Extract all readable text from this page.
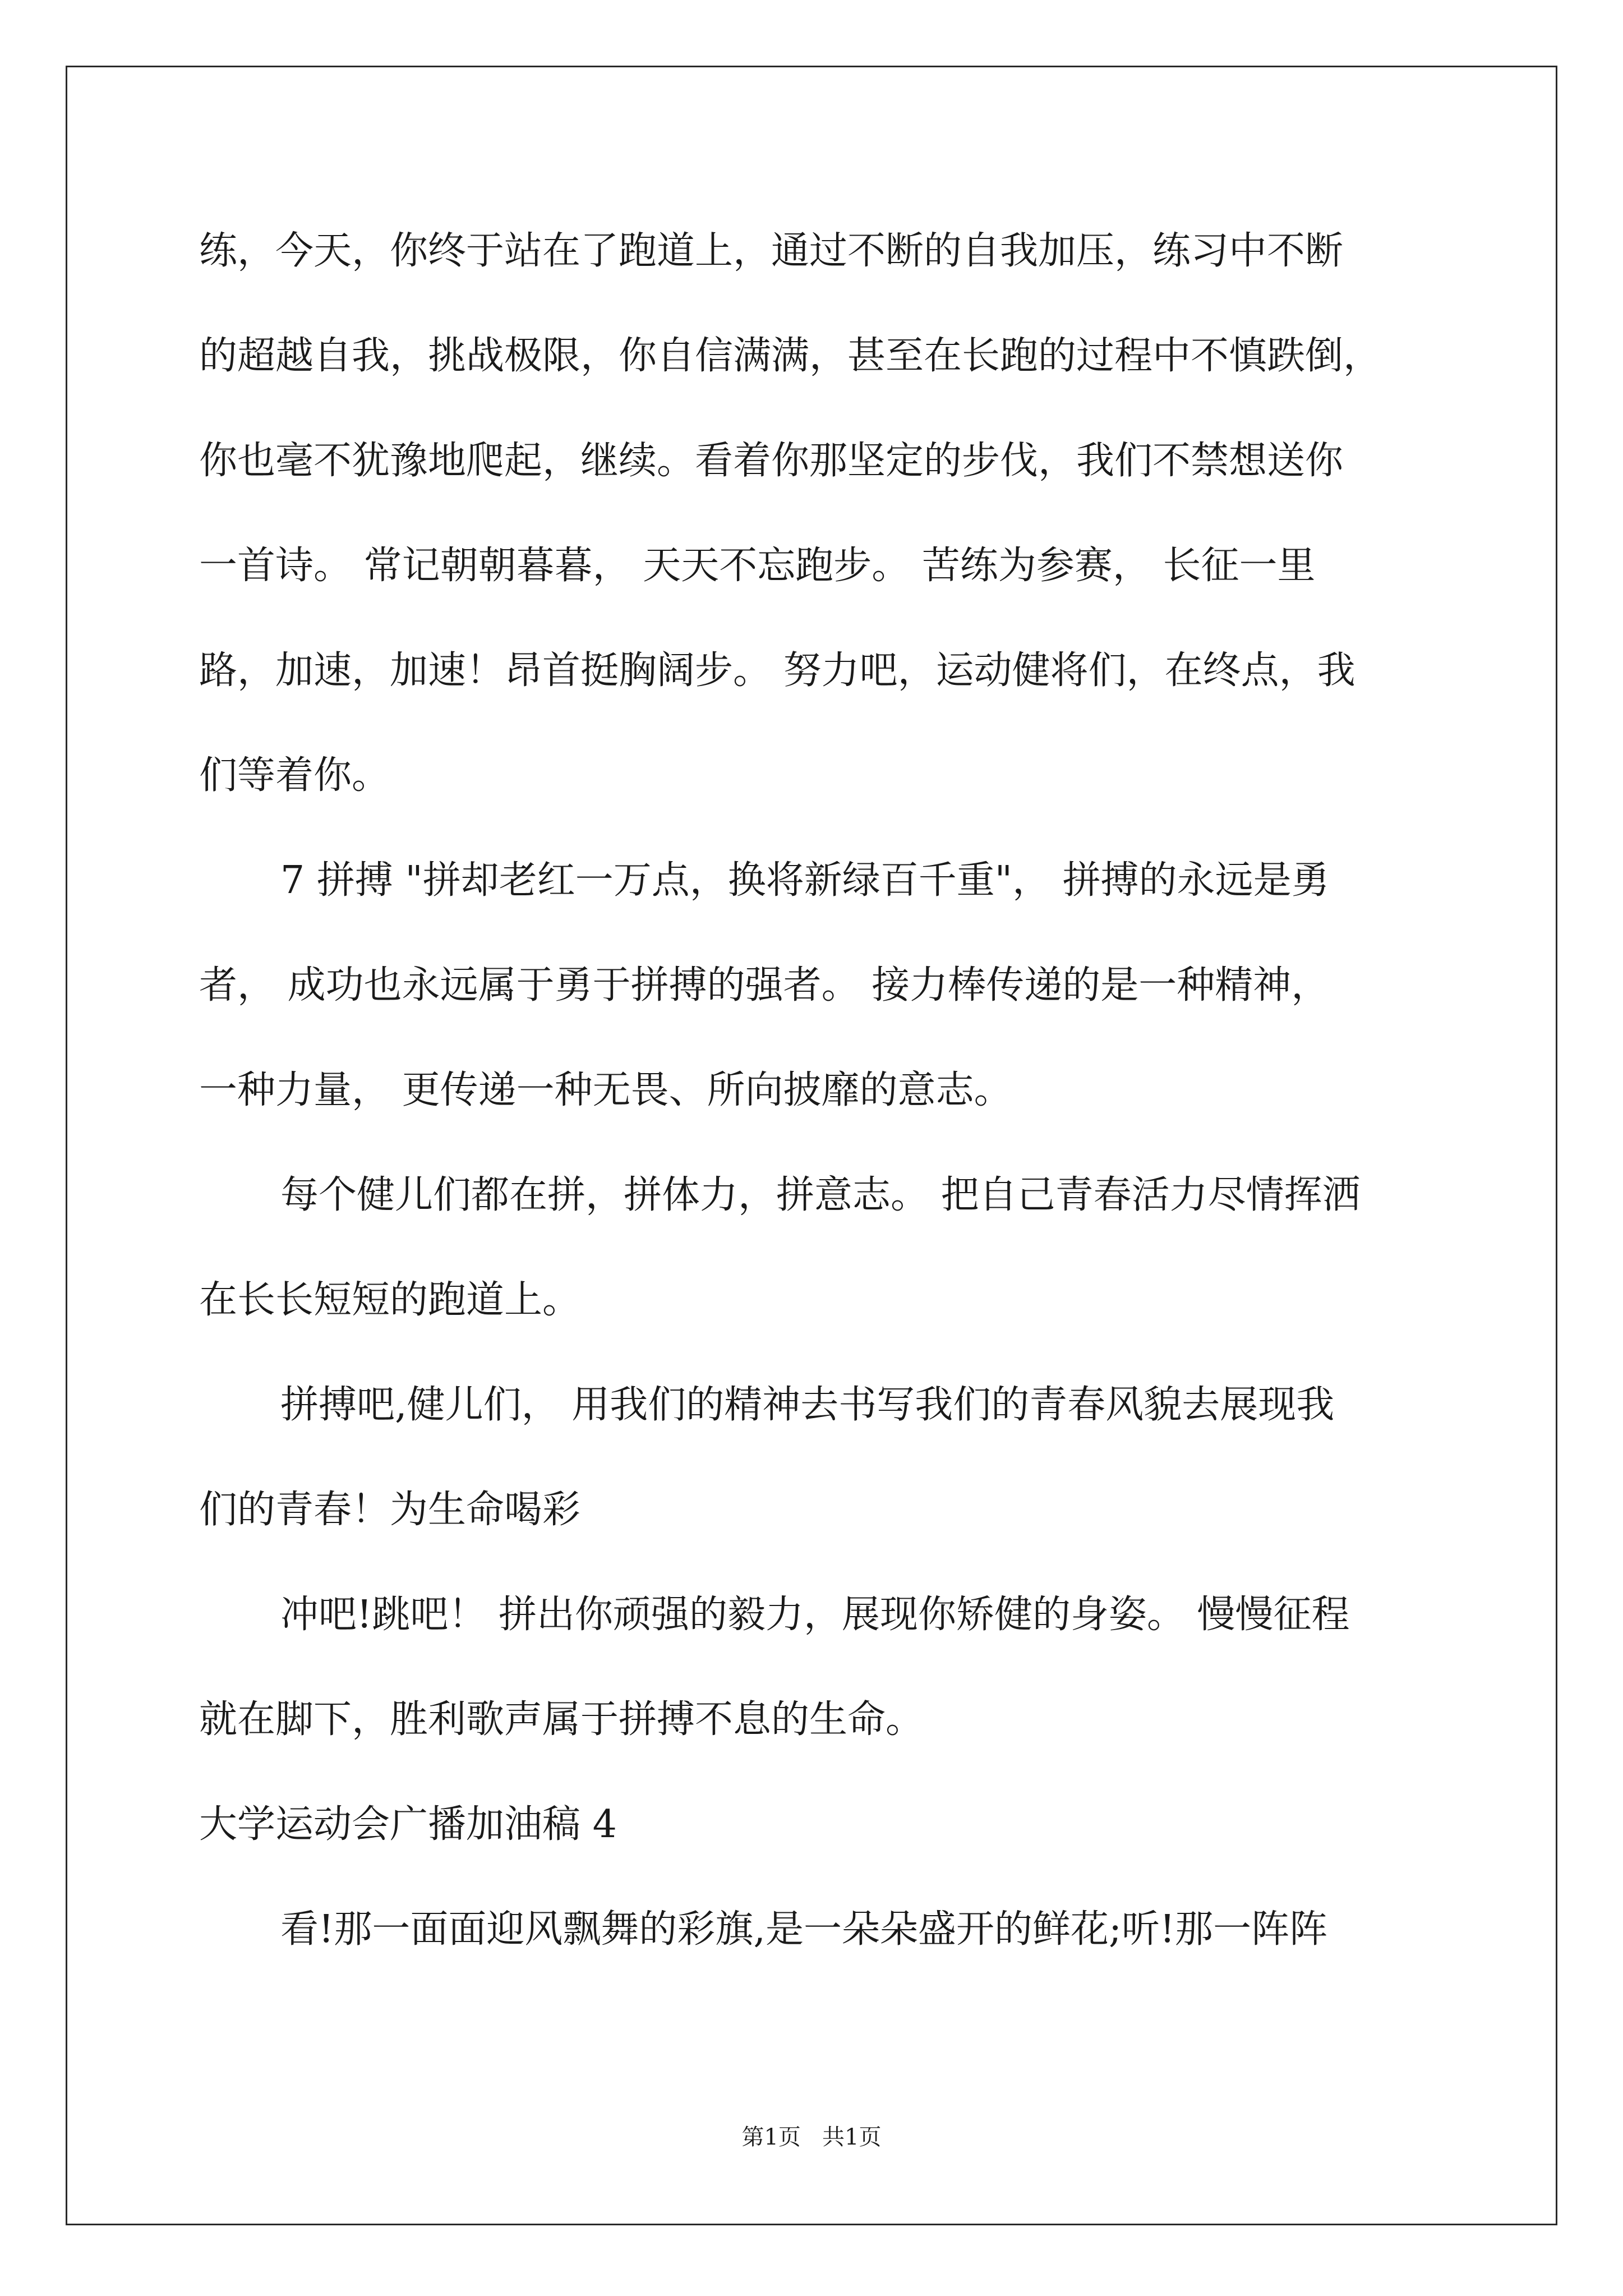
练，今天，你终于站在了跑道上，通过不断的自我加压，练习中不断
的超越自我，挑战极限，你自信满满，甚至在长跑的过程中不慎跌倒，
你也毫不犹豫地爬起，继续。看着你那坚定的步伐，我们不禁想送你
一首诗。 常记朝朝暮暮， 天天不忘跑步。 苦练为参赛， 长征一里
路，加速，加速！昂首挺胸阔步。 努力吧，运动健将们，在终点，我
们等着你。
7 拼搏 "拼却老红一万点，换将新绿百千重"， 拼搏的永远是勇
者， 成功也永远属于勇于拼搏的强者。 接力棒传递的是一种精神，
一种力量， 更传递一种无畏、所向披靡的意志。
每个健儿们都在拼，拼体力，拼意志。 把自己青春活力尽情挥洒
在长长短短的跑道上。
拼搏吧,健儿们， 用我们的精神去书写我们的青春风貌去展现我
们的青春！为生命喝彩
冲吧!跳吧！ 拼出你顽强的毅力，展现你矫健的身姿。 慢慢征程
就在脚下，胜利歌声属于拼搏不息的生命。
大学运动会广播加油稿 4
看!那一面面迎风飘舞的彩旗,是一朵朵盛开的鲜花;听!那一阵阵
第1页   共1页
